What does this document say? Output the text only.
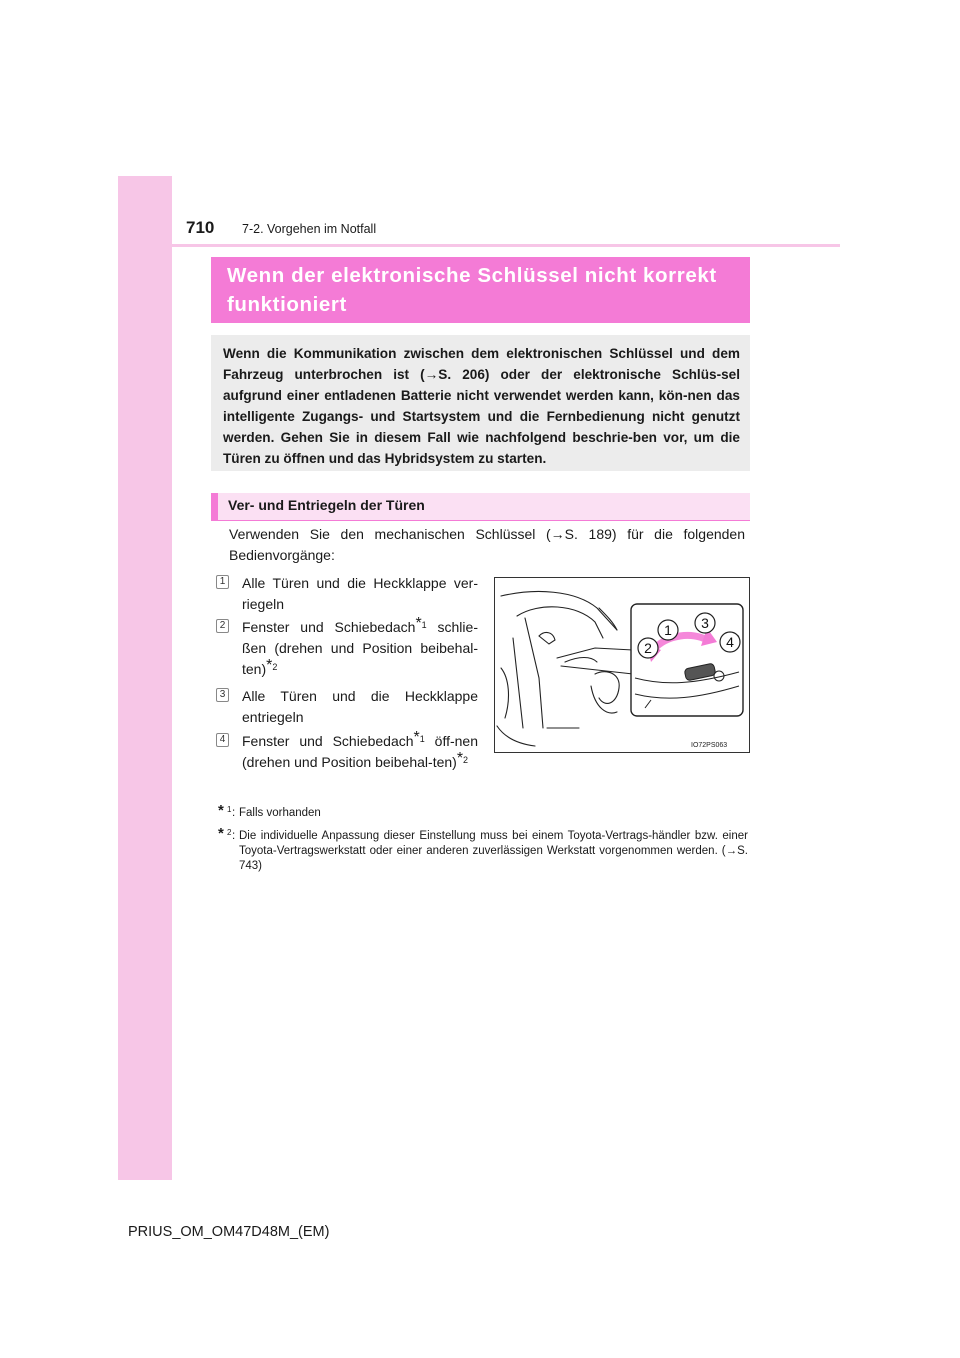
710 7-2. Vorgehen im Notfall
Wenn der elektronische Schlüssel nicht korrekt funktioniert
Wenn die Kommunikation zwischen dem elektronischen Schlüssel und dem Fahrzeug unterbrochen ist (→S. 206) oder der elektronische Schlüs-sel aufgrund einer entladenen Batterie nicht verwendet werden kann, kön-nen das intelligente Zugangs- und Startsystem und die Fernbedienung nicht genutzt werden. Gehen Sie in diesem Fall wie nachfolgend beschrie-ben vor, um die Türen zu öffnen und das Hybridsystem zu starten.
Ver- und Entriegeln der Türen
Verwenden Sie den mechanischen Schlüssel (→S. 189) für die folgenden Bedienvorgänge:
1 Alle Türen und die Heckklappe ver-riegeln
2 Fenster und Schiebedach$^{*1}$ schlie-ßen (drehen und Position beibehal-ten)$^{*2}$
3 Alle Türen und die Heckklappe entriegeln
4 Fenster und Schiebedach$^{*1}$ öff-nen (drehen und Position beibehal-ten)$^{*2}$
1 3
2	4
IO72PS063
* 1 : Falls vorhanden
* 2 : Die individuelle Anpassung dieser Einstellung muss bei einem Toyota-Vertrags-händler bzw. einer Toyota-Vertragswerkstatt oder einer anderen zuverlässigen Werkstatt vorgenommen werden. (→S. 743)
PRIUS_OM_OM47D48M_(EM)
